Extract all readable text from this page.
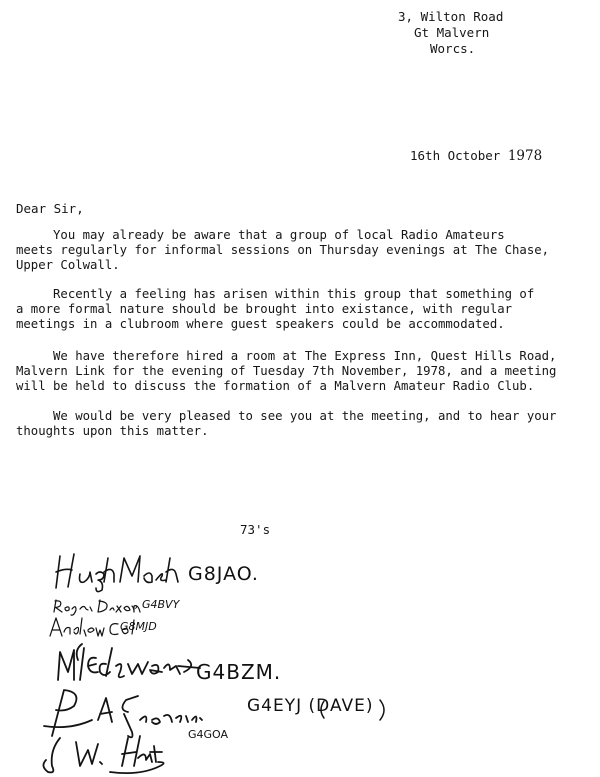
3, Wilton Road
Gt Malvern
Worcs.
16th October 1978
Dear Sir,
You may already be aware that a group of local Radio Amateurs
meets regularly for informal sessions on Thursday evenings at The Chase,
Upper Colwall.
Recently a feeling has arisen within this group that something of
a more formal nature should be brought into existance, with regular
meetings in a clubroom where guest speakers could be accommodated.
We have therefore hired a room at The Express Inn, Quest Hills Road,
Malvern Link for the evening of Tuesday 7th November, 1978, and a meeting
will be held to discuss the formation of a Malvern Amateur Radio Club.
We would be very pleased to see you at the meeting, and to hear your
thoughts upon this matter.
73's
G8JAO.
, G4BVY
G8MJD
G4BZM.
G4EYJ (DAVE)
G4GOA
